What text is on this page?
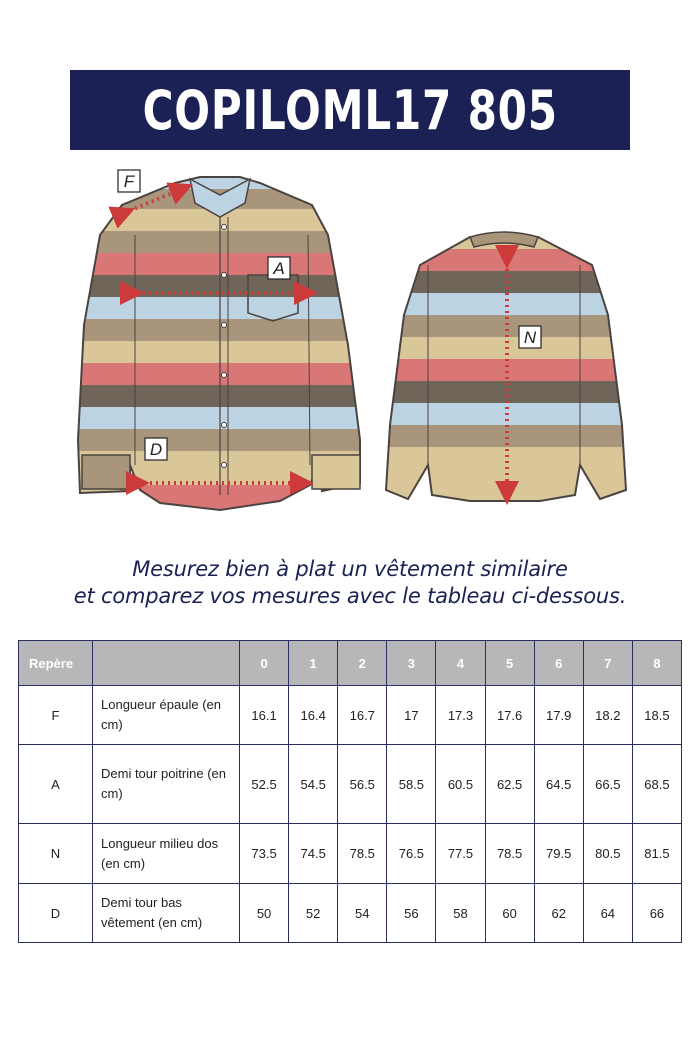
COPILOML17 805
F
A
D
N
Mesurez bien à plat un vêtement similaire
et comparez vos mesures avec le tableau ci-dessous.
Repère		0	1	2	3	4	5	6	7	8
F	Longueur épaule (en cm)	16.1	16.4	16.7	17	17.3	17.6	17.9	18.2	18.5
A	Demi tour poitrine (en cm)	52.5	54.5	56.5	58.5	60.5	62.5	64.5	66.5	68.5
N	Longueur milieu dos (en cm)	73.5	74.5	78.5	76.5	77.5	78.5	79.5	80.5	81.5
D	Demi tour bas vêtement (en cm)	50	52	54	56	58	60	62	64	66
